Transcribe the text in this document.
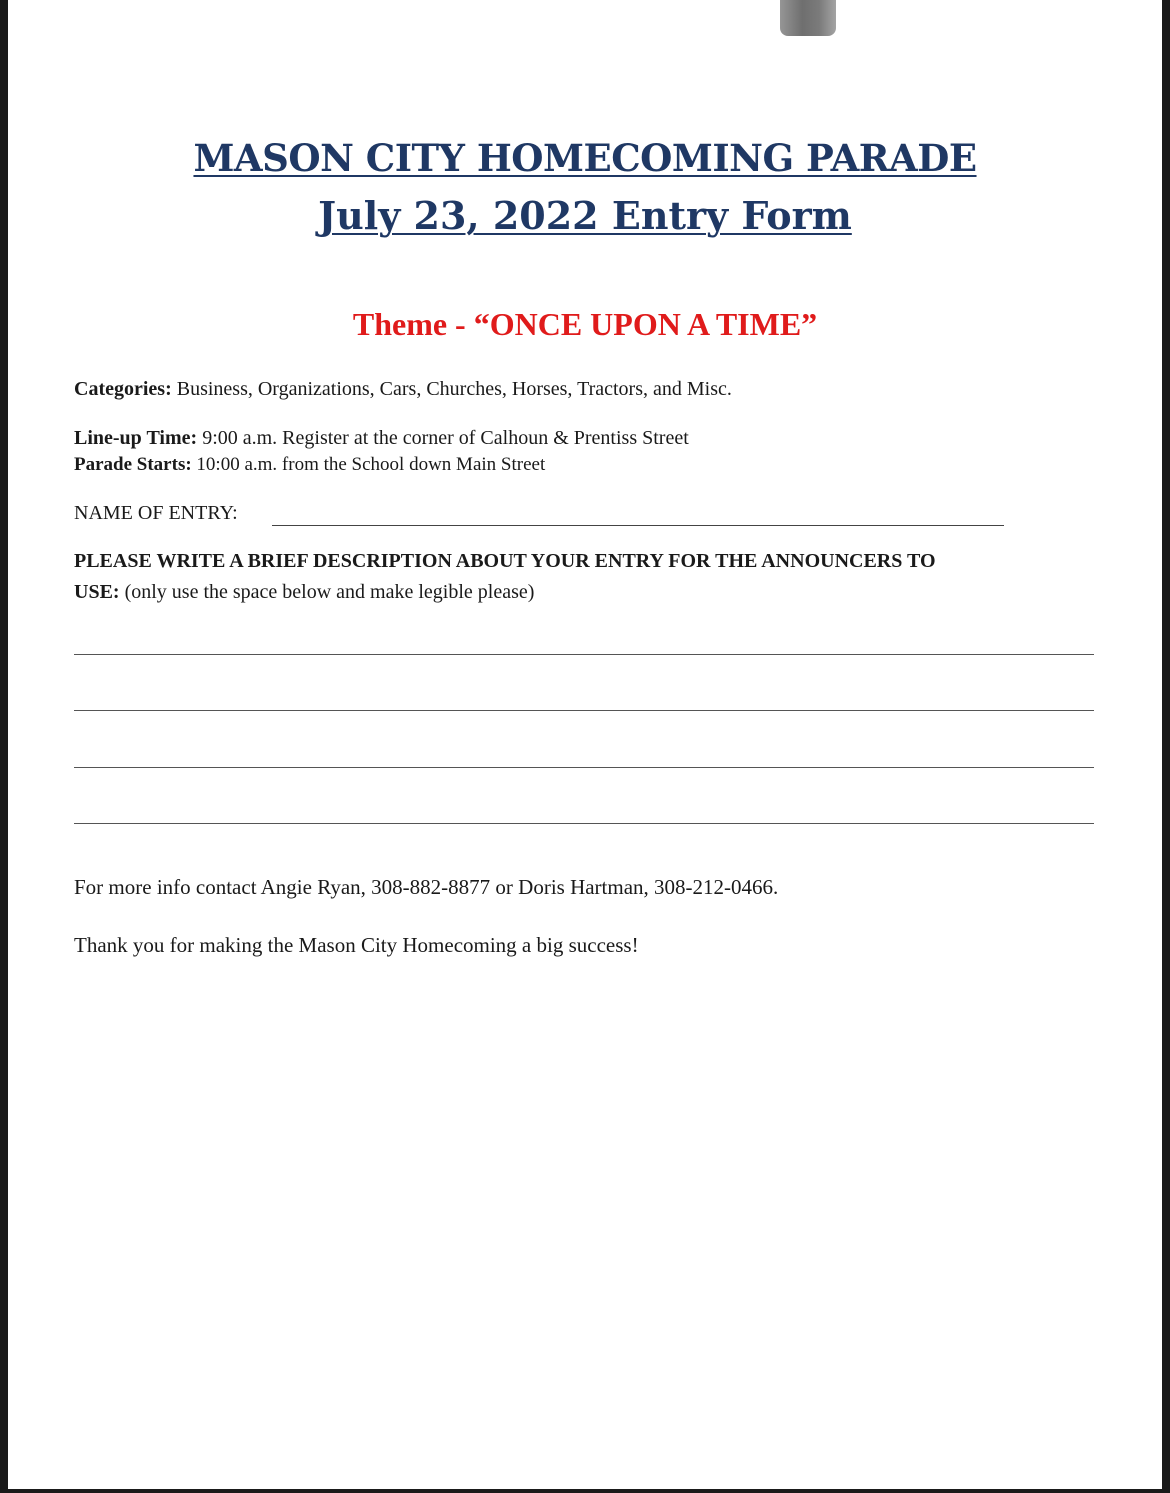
MASON CITY HOMECOMING PARADE
July 23, 2022 Entry Form
Theme - “ONCE UPON A TIME”
Categories: Business, Organizations, Cars, Churches, Horses, Tractors, and Misc.
Line-up Time: 9:00 a.m. Register at the corner of Calhoun & Prentiss Street
Parade Starts: 10:00 a.m. from the School down Main Street
NAME OF ENTRY:
PLEASE WRITE A BRIEF DESCRIPTION ABOUT YOUR ENTRY FOR THE ANNOUNCERS TO
USE: (only use the space below and make legible please)
For more info contact Angie Ryan, 308-882-8877 or Doris Hartman, 308-212-0466.
Thank you for making the Mason City Homecoming a big success!
